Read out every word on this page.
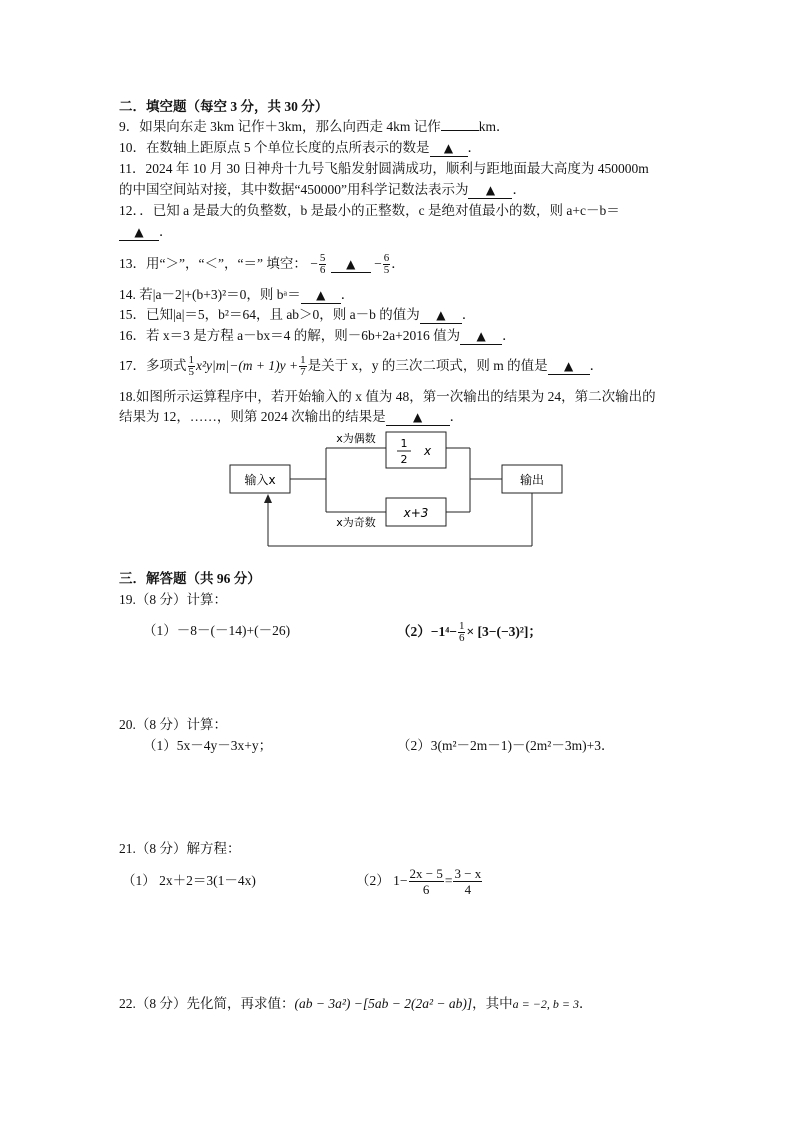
二．填空题（每空 3 分，共 30 分）
9．如果向东走 3km 记作＋3km，那么向西走 4km 记作	km．
10．在数轴上距原点 5 个单位长度的点所表示的数是 ▲ ．
11．2024 年 10 月 30 日神舟十九号飞船发射圆满成功，顺利与距地面最大高度为 450000m
的中国空间站对接，其中数据“450000”用科学记数法表示为 ▲ ．
12．．已知 a 是最大的负整数，b 是最小的正整数，c 是绝对值最小的数，则 a+c－b＝
▲ ．
13．用“＞”，“＜”，“＝” 填空： − $\frac{5}{6}$ ▲ − $\frac{6}{5}$ ．
14. 若|a－2|+(b+3)²＝0，则 bᵃ＝ ▲ ．
15．已知|a|＝5，b²＝64，且 ab＞0，则 a－b 的值为 ▲ ．
16．若 x＝3 是方程 a－bx＝4 的解，则－6b+2a+2016 值为 ▲ ．
17．多项式 $\frac{1}{5} x^2y|m|-(m + 1)y + \frac{1}{7}$ 是关于 x，y 的三次二项式，则 m 的值是 ▲ ．
18.如图所示运算程序中，若开始输入的 x 值为 48，第一次输出的结果为 24，第二次输出的
结果为 12，……，则第 2024 次输出的结果是 ▲ ．
输入x	输出
1
2
x
x+3
x为偶数
x为奇数
三．解答题（共 96 分）
19.（8 分）计算：
（1）－8－(－14)+(－26)	$(2)-1^4- \frac{1}{6} \times [3-(-3)^2]$；
20.（8 分）计算：
（1）5x－4y－3x+y；	（2）3(m²－2m－1)－(2m²－3m)+3．
21.（8 分）解方程：
（1） 2x＋2＝3(1－4x)	（2） $1- \frac{2x - 5}{6} = \frac{3 - x}{4}$
22.（8 分）先化简，再求值：(ab − 3a²) −[5ab − 2(2a² − ab)]，其中a = −2, b = 3．
